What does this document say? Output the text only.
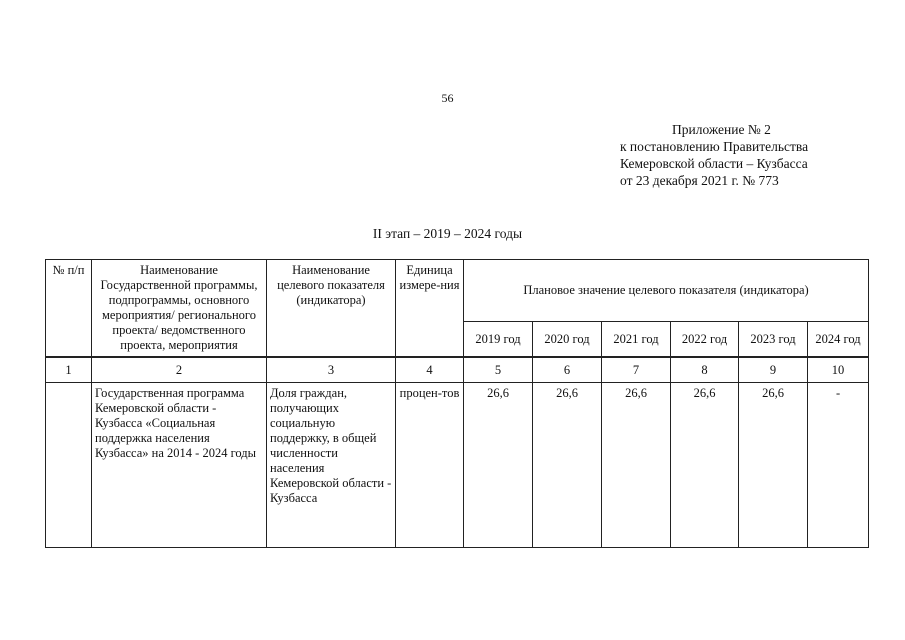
56
Приложение № 2
к постановлению Правительства
Кемеровской области – Кузбасса
от 23 декабря 2021 г. № 773
II этап – 2019 – 2024 годы
№ п/п	Наименование Государственной программы, подпрограммы, основного мероприятия/ регионального проекта/ ведомственного проекта, мероприятия	Наименование целевого показателя (индикатора)	Единица измере-ния	Плановое значение целевого показателя (индикатора)					
				2019 год	2020 год	2021 год	2022 год	2023 год	2024 год
1	2	3	4	5	6	7	8	9	10
	Государственная программа Кемеровской области - Кузбасса «Социальная поддержка населения Кузбасса» на 2014 - 2024 годы	Доля граждан, получающих социальную поддержку, в общей численности населения Кемеровской области - Кузбасса	процен-тов	26,6	26,6	26,6	26,6	26,6	-
